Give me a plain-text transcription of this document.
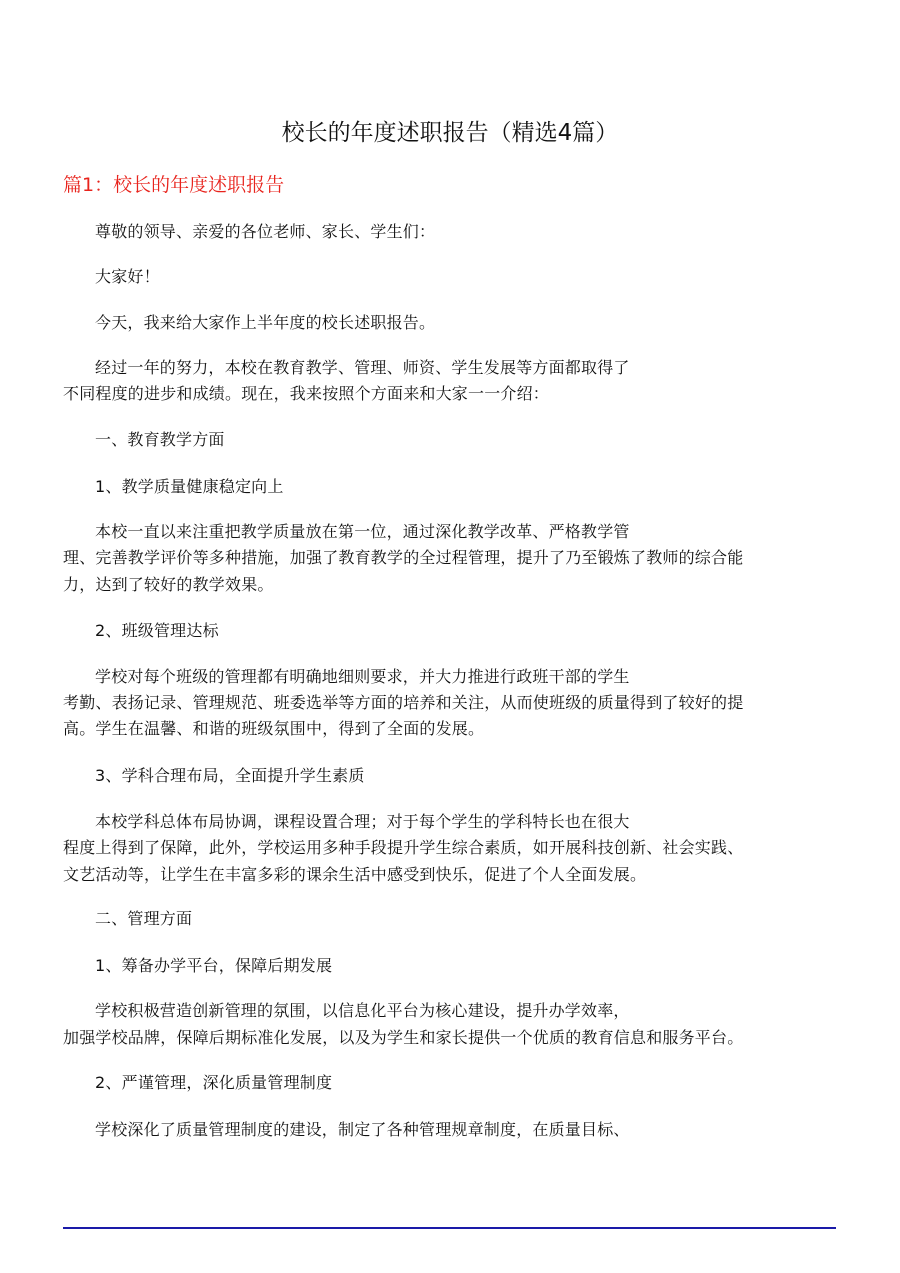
校长的年度述职报告（精选4篇）
篇1：校长的年度述职报告
尊敬的领导、亲爱的各位老师、家长、学生们：
大家好！
今天，我来给大家作上半年度的校长述职报告。
经过一年的努力，本校在教育教学、管理、师资、学生发展等方面都取得了
不同程度的进步和成绩。现在，我来按照个方面来和大家一一介绍：
一、教育教学方面
1、教学质量健康稳定向上
本校一直以来注重把教学质量放在第一位，通过深化教学改革、严格教学管
理、完善教学评价等多种措施，加强了教育教学的全过程管理，提升了乃至锻炼了教师的综合能
力，达到了较好的教学效果。
2、班级管理达标
学校对每个班级的管理都有明确地细则要求，并大力推进行政班干部的学生
考勤、表扬记录、管理规范、班委选举等方面的培养和关注，从而使班级的质量得到了较好的提
高。学生在温馨、和谐的班级氛围中，得到了全面的发展。
3、学科合理布局，全面提升学生素质
本校学科总体布局协调，课程设置合理；对于每个学生的学科特长也在很大
程度上得到了保障，此外，学校运用多种手段提升学生综合素质，如开展科技创新、社会实践、
文艺活动等，让学生在丰富多彩的课余生活中感受到快乐，促进了个人全面发展。
二、管理方面
1、筹备办学平台，保障后期发展
学校积极营造创新管理的氛围，以信息化平台为核心建设，提升办学效率，
加强学校品牌，保障后期标准化发展，以及为学生和家长提供一个优质的教育信息和服务平台。
2、严谨管理，深化质量管理制度
学校深化了质量管理制度的建设，制定了各种管理规章制度，在质量目标、
